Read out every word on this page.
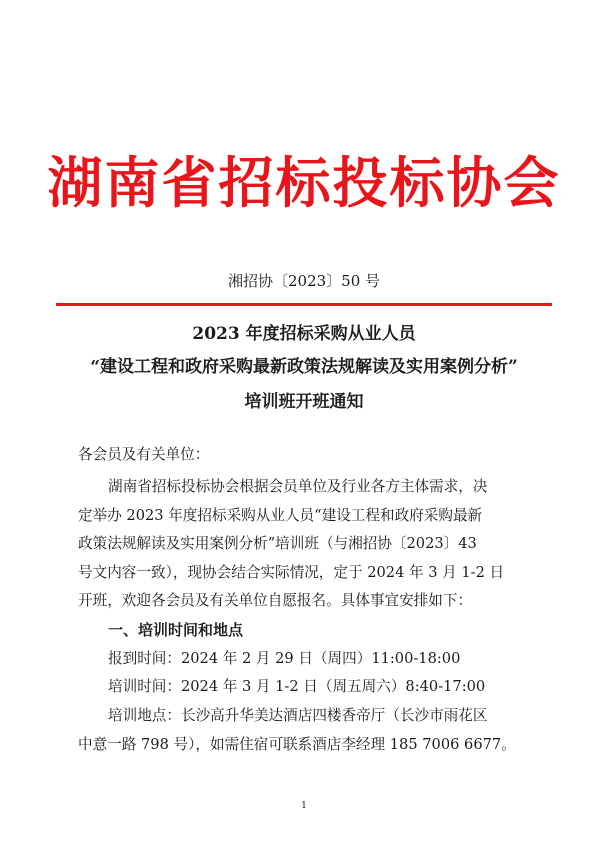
湖南省招标投标协会
湘招协〔2023〕50 号
2023 年度招标采购从业人员
“建设工程和政府采购最新政策法规解读及实用案例分析”
培训班开班通知
各会员及有关单位：
湖南省招标投标协会根据会员单位及行业各方主体需求，决
定举办 2023 年度招标采购从业人员“建设工程和政府采购最新
政策法规解读及实用案例分析”培训班（与湘招协〔2023〕43
号文内容一致），现协会结合实际情况，定于 2024 年 3 月 1-2 日
开班，欢迎各会员及有关单位自愿报名。具体事宜安排如下：
一、培训时间和地点
报到时间：2024 年 2 月 29 日（周四）11:00-18:00
培训时间：2024 年 3 月 1-2 日（周五周六）8:40-17:00
培训地点：长沙高升华美达酒店四楼香帝厅（长沙市雨花区
中意一路 798 号），如需住宿可联系酒店李经理 185 7006 6677。
1
